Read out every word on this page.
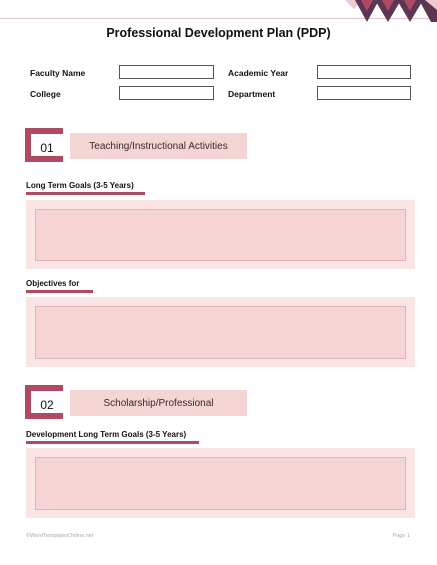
Professional Development Plan (PDP)
Faculty Name	Academic Year
College	Department
Teaching/Instructional Activities
01
Long Term Goals (3-5 Years)
Objectives for
Scholarship/Professional
02
Development Long Term Goals (3-5 Years)
©WordTemplatesOnline.net	Page 1
